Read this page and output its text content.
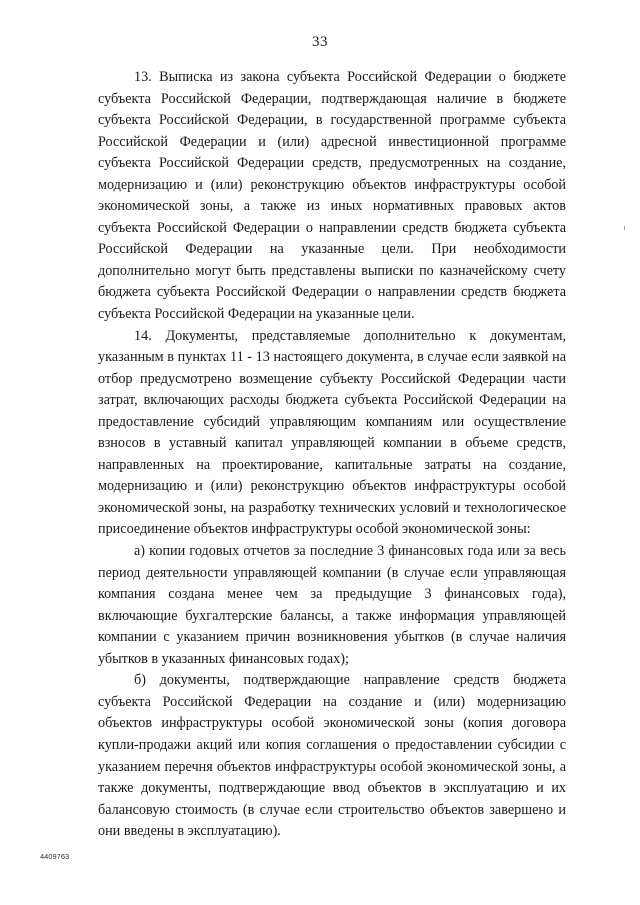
33

13. Выписка из закона субъекта Российской Федерации о бюджете субъекта Российской Федерации, подтверждающая наличие в бюджете субъекта Российской Федерации, в государственной программе субъекта Российской Федерации и (или) адресной инвестиционной программе субъекта Российской Федерации средств, предусмотренных на создание, модернизацию и (или) реконструкцию объектов инфраструктуры особой экономической зоны, а также из иных нормативных правовых актов субъекта Российской Федерации о направлении средств бюджета субъекта Российской Федерации на указанные цели. При необходимости дополнительно могут быть представлены выписки по казначейскому счету бюджета субъекта Российской Федерации о направлении средств бюджета субъекта Российской Федерации на указанные цели.

14. Документы, представляемые дополнительно к документам, указанным в пунктах 11 - 13 настоящего документа, в случае если заявкой на отбор предусмотрено возмещение субъекту Российской Федерации части затрат, включающих расходы бюджета субъекта Российской Федерации на предоставление субсидий управляющим компаниям или осуществление взносов в уставный капитал управляющей компании в объеме средств, направленных на проектирование, капитальные затраты на создание, модернизацию и (или) реконструкцию объектов инфраструктуры особой экономической зоны, на разработку технических условий и технологическое присоединение объектов инфраструктуры особой экономической зоны:

а) копии годовых отчетов за последние 3 финансовых года или за весь период деятельности управляющей компании (в случае если управляющая компания создана менее чем за предыдущие 3 финансовых года), включающие бухгалтерские балансы, а также информация управляющей компании с указанием причин возникновения убытков (в случае наличия убытков в указанных финансовых годах);

б) документы, подтверждающие направление средств бюджета субъекта Российской Федерации на создание и (или) модернизацию объектов инфраструктуры особой экономической зоны (копия договора купли-продажи акций или копия соглашения о предоставлении субсидии с указанием перечня объектов инфраструктуры особой экономической зоны, а также документы, подтверждающие ввод объектов в эксплуатацию и их балансовую стоимость (в случае если строительство объектов завершено и они введены в эксплуатацию).

4409763
